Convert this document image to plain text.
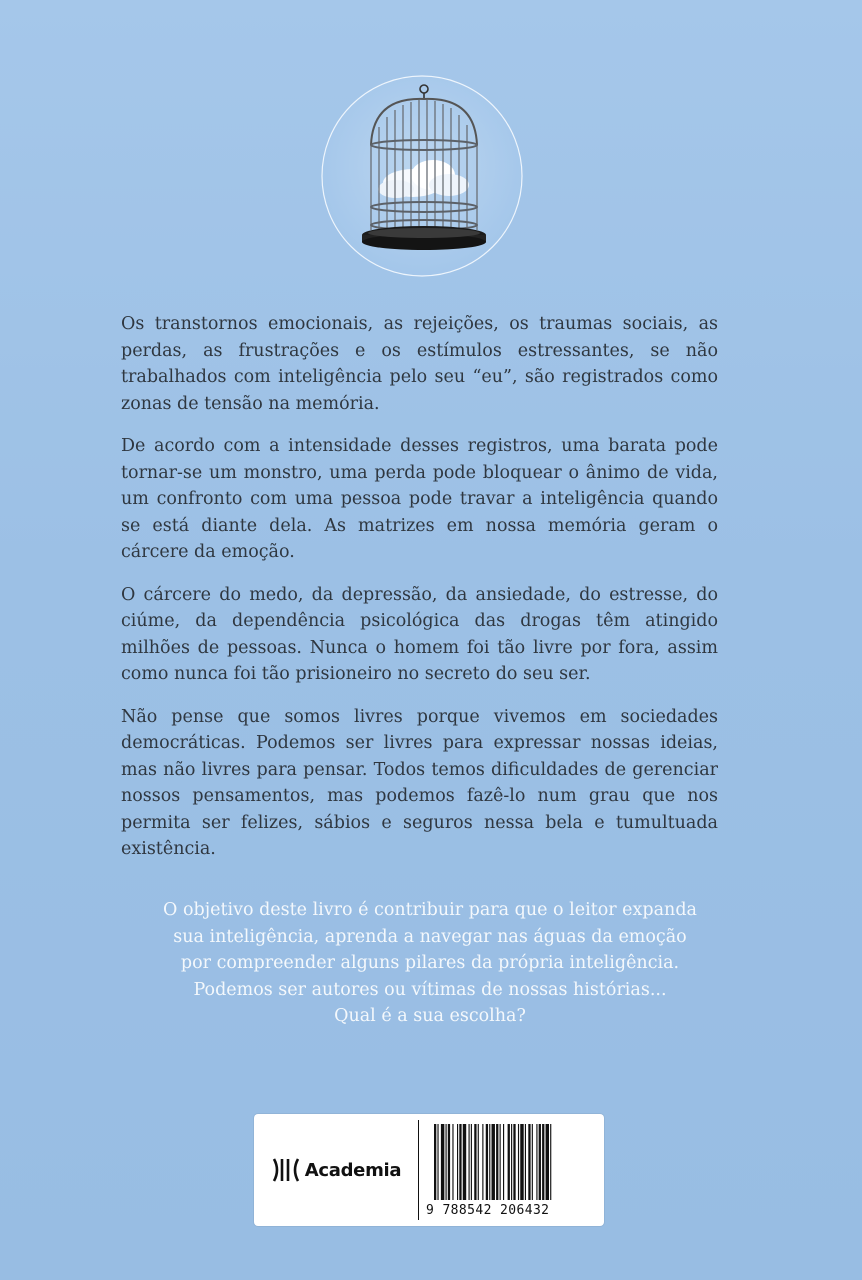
Os transtornos emocionais, as rejeições, os traumas sociais, as perdas, as frustrações e os estímulos estressantes, se não trabalhados com inteligência pelo seu “eu”, são registrados como zonas de tensão na memória.

De acordo com a intensidade desses registros, uma barata pode tornar-se um monstro, uma perda pode bloquear o ânimo de vida, um confronto com uma pessoa pode travar a inteligência quando se está diante dela. As matrizes em nossa memória geram o cárcere da emoção.

O cárcere do medo, da depressão, da ansiedade, do estresse, do ciúme, da dependência psicológica das drogas têm atingido milhões de pessoas. Nunca o homem foi tão livre por fora, assim como nunca foi tão prisioneiro no secreto do seu ser.

Não pense que somos livres porque vivemos em sociedades democráticas. Podemos ser livres para expressar nossas ideias, mas não livres para pensar. Todos temos dificuldades de gerenciar nossos pensamentos, mas podemos fazê-lo num grau que nos permita ser felizes, sábios e seguros nessa bela e tumultuada existência.

O objetivo deste livro é contribuir para que o leitor expanda

sua inteligência, aprenda a navegar nas águas da emoção

por compreender alguns pilares da própria inteligência.

Podemos ser autores ou vítimas de nossas histórias...

Qual é a sua escolha?

Academia
9 788542 206432
